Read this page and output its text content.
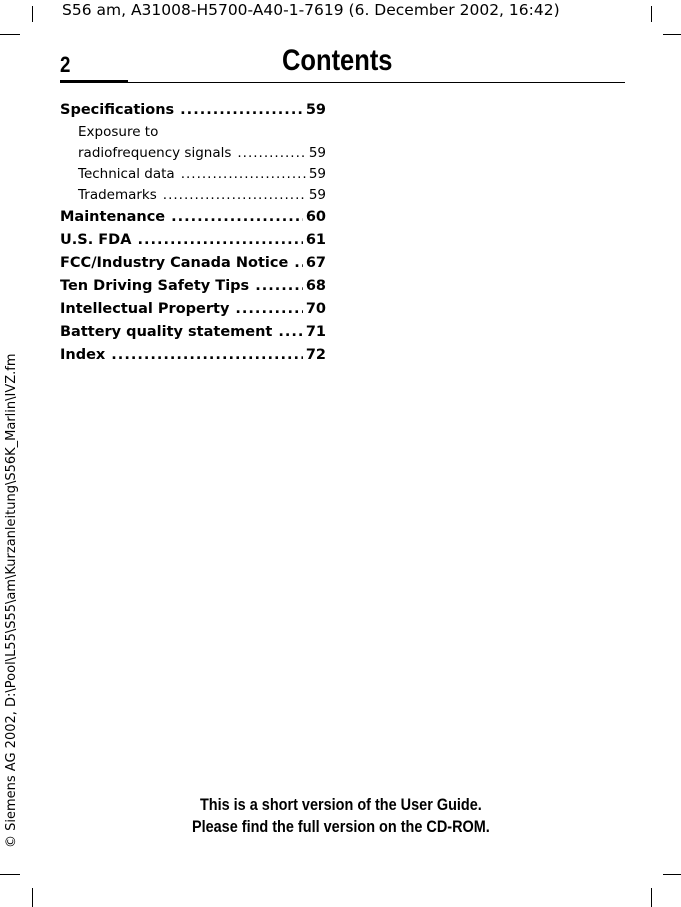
S56 am, A31008-H5700-A40-1-7619 (6. December 2002, 16:42)
2	Contents
Specifications .....	59
Exposure to
radiofrequency signals .....	59
Technical data .....	59
Trademarks .....	59
Maintenance .....	60
U.S. FDA .....	61
FCC/Industry Canada Notice ..... 67
Ten Driving Safety Tips .....	68
Intellectual Property .....	70
Battery quality statement ..... 71
Index .....	72
© Siemens AG 2002, D:\Pool\L55\S55\am\Kurzanleitung\S56K_Marlin\IVZ.fm	This is a short version of the User Guide.
Please find the full version on the CD-ROM.
